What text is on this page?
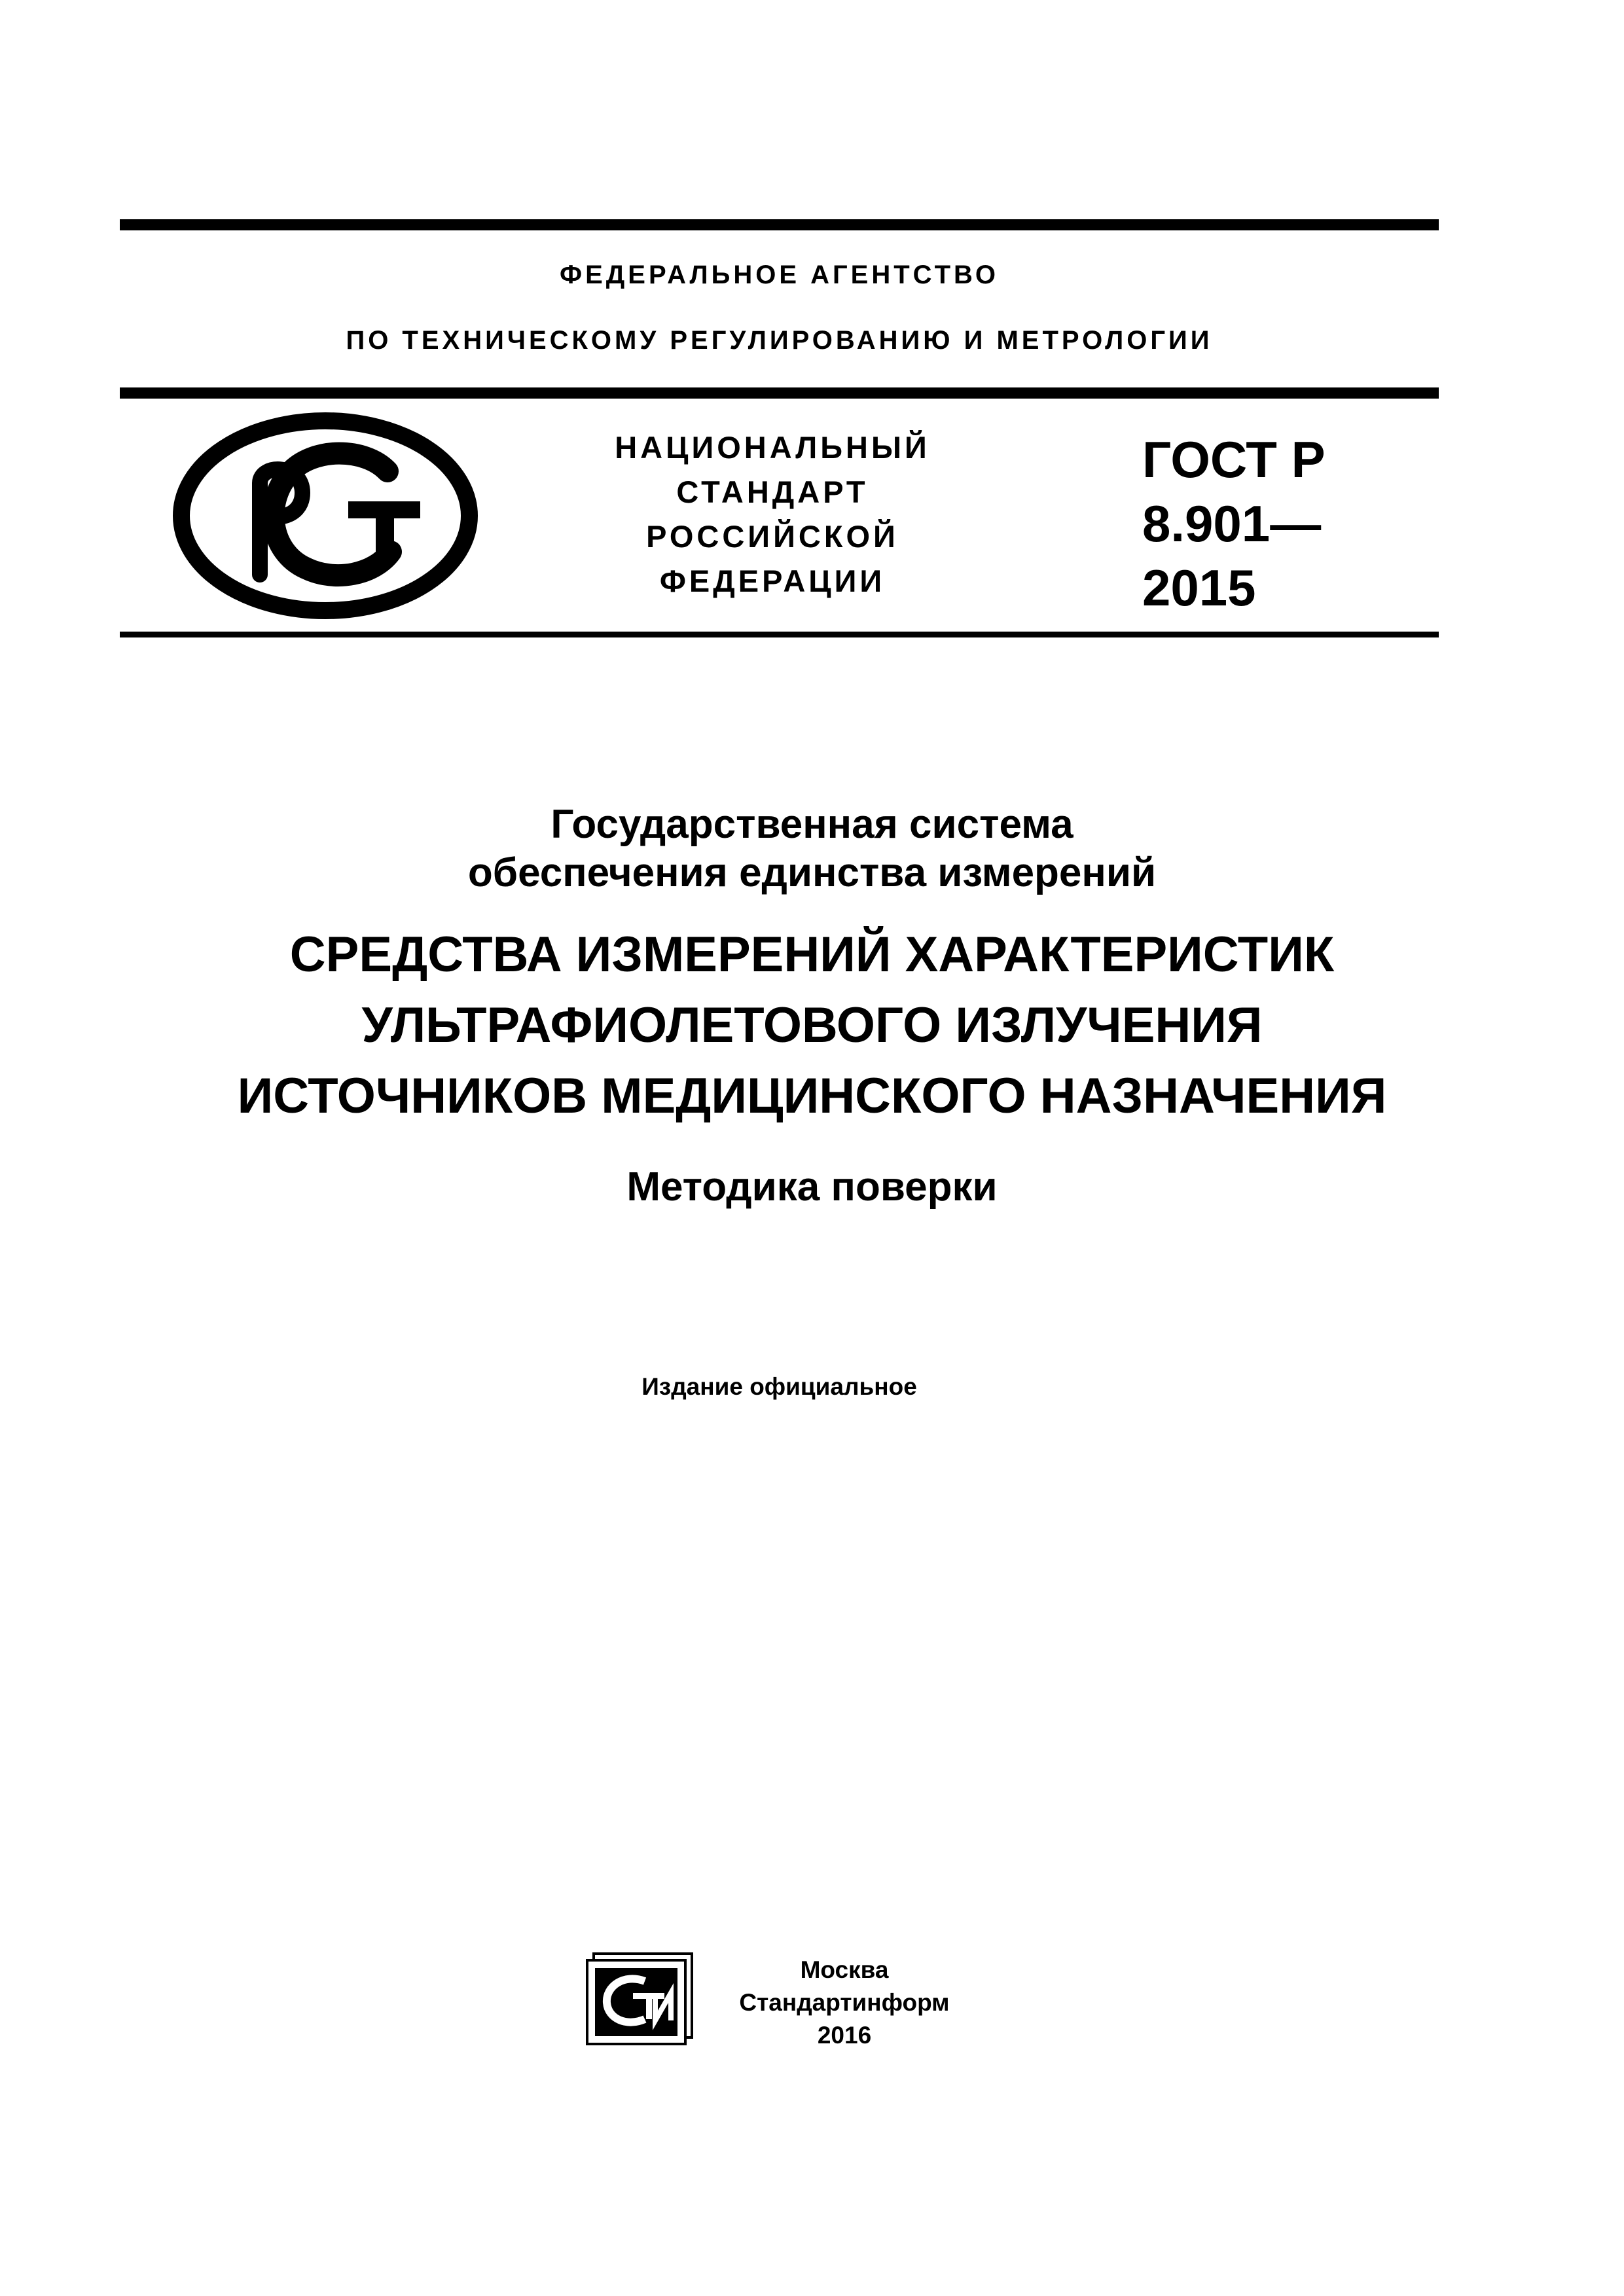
ФЕДЕРАЛЬНОЕ АГЕНТСТВО
ПО ТЕХНИЧЕСКОМУ РЕГУЛИРОВАНИЮ И МЕТРОЛОГИИ
НАЦИОНАЛЬНЫЙ
СТАНДАРТ
РОССИЙСКОЙ
ФЕДЕРАЦИИ
ГОСТ Р
8.901—
2015
Государственная система
обеспечения единства измерений
СРЕДСТВА ИЗМЕРЕНИЙ ХАРАКТЕРИСТИК
УЛЬТРАФИОЛЕТОВОГО ИЗЛУЧЕНИЯ
ИСТОЧНИКОВ МЕДИЦИНСКОГО НАЗНАЧЕНИЯ
Методика поверки
Издание официальное
Москва
Стандартинформ
2016
